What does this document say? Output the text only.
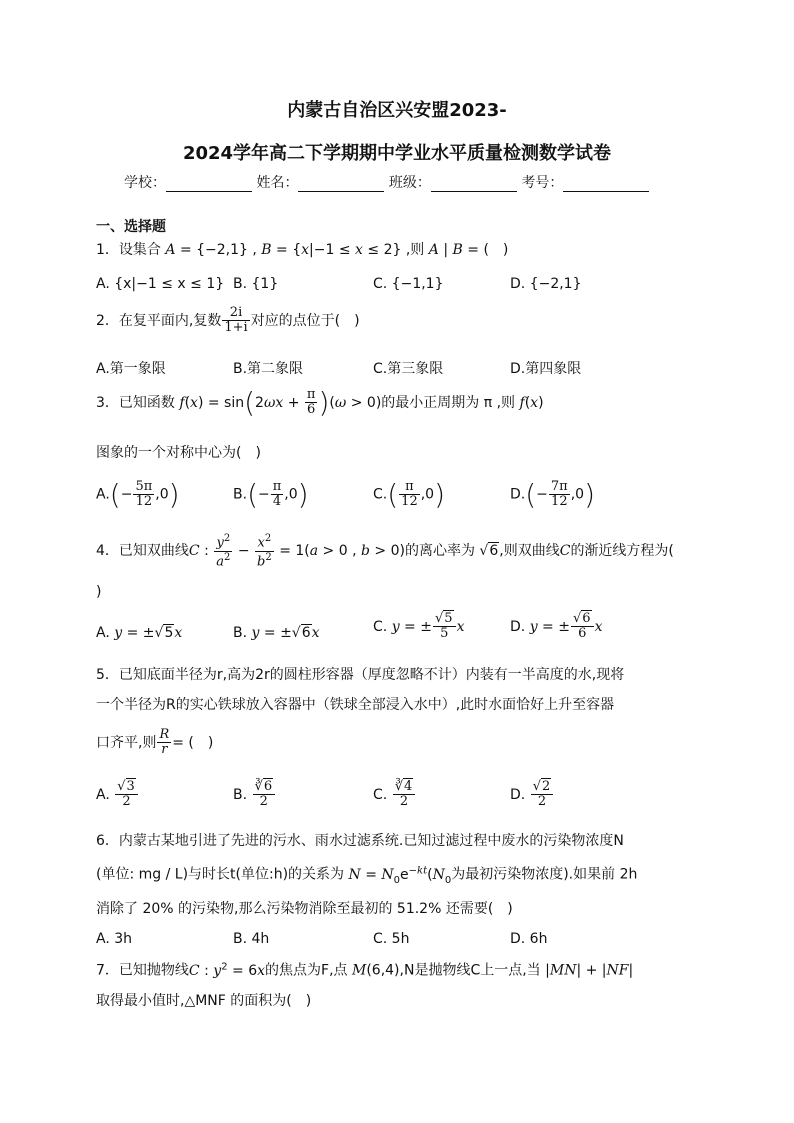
内蒙古自治区兴安盟2023-
2024学年高二下学期期中学业水平质量检测数学试卷
学校：	姓名：	班级：	考号：
一、选择题
1．设集合 A = {−2,1} , B = {x|−1 ≤ x ≤ 2} ,则 A | B = (　)
A. {x|−1 ≤ x ≤ 1} B. {1}	C. {−1,1}	D. {−2,1}
2．在复平面内,复数 $\frac{2i}{1+i}$ 对应的点位于(　)
A.第一象限	B.第二象限	C.第三象限	D.第四象限
3．已知函数 $f(x) = \sin(2\omega x + \frac{\pi}{6} )(\omega > 0)$的最小正周期为 π ,则 f(x)
图象的一个对称中心为(　)
$A.(- \frac{5\pi}{12} ,0)$	$B.(- \frac{\pi}{4} ,0)$	$C.( \frac{\pi}{12} ,0)$	$D.(- \frac{7\pi}{12} ,0)$
4．已知双曲线C : $\frac{y^2}{a^2} - \frac{x^2}{b^2} = 1(a > 0$ , b > 0)的离心率为 √6,则双曲线C的渐近线方程为(
)
A. y = ±√5x	B. y = ±√6x	C. y = ± $\frac{√5}{5}$ x	D. y = ± $\frac{√6}{6}$ x
5．已知底面半径为r,高为2r的圆柱形容器（厚度忽略不计）内装有一半高度的水,现将
一个半径为R的实心铁球放入容器中（铁球全部浸入水中）,此时水面恰好上升至容器
口齐平,则 $\frac{R}{r}$ = (　)
A. $\frac{√3}{2}$	B. $\frac{∛6}{2}$	C. $\frac{∛4}{2}$	D. $\frac{√2}{2}$
6．内蒙古某地引进了先进的污水、雨水过滤系统.已知过滤过程中废水的污染物浓度N
(单位: mg / L)与时长t(单位:h)的关系为 $N = N_0e^{-kt}(N_0$为最初污染物浓度).如果前 2h
消除了 20% 的污染物,那么污染物消除至最初的 51.2% 还需要(　)
A. 3h	B. 4h	C. 5h	D. 6h
7．已知抛物线C : $y^2 = 6x$的焦点为F,点 M(6,4),N是抛物线C上一点,当 |MN| + |NF|
取得最小值时,△MNF 的面积为(　)
